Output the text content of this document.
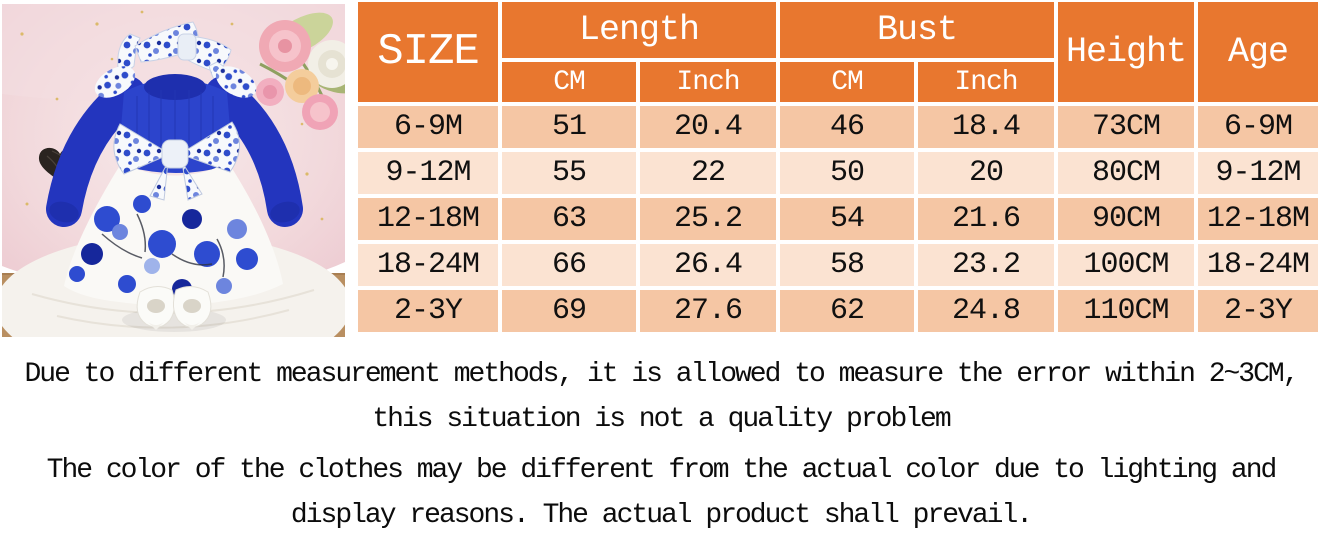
SIZE	Length		Bust		Height	Age
	CM	Inch	CM	Inch		
6-9M	51	20.4	46	18.4	73CM	6-9M
9-12M	55	22	50	20	80CM	9-12M
12-18M	63	25.2	54	21.6	90CM	12-18M
18-24M	66	26.4	58	23.2	100CM	18-24M
2-3Y	69	27.6	62	24.8	110CM	2-3Y
Due to different measurement methods, it is allowed to measure the error within 2~3CM,
this situation is not a quality problem
The color of the clothes may be different from the actual color due to lighting and
display reasons. The actual product shall prevail.
